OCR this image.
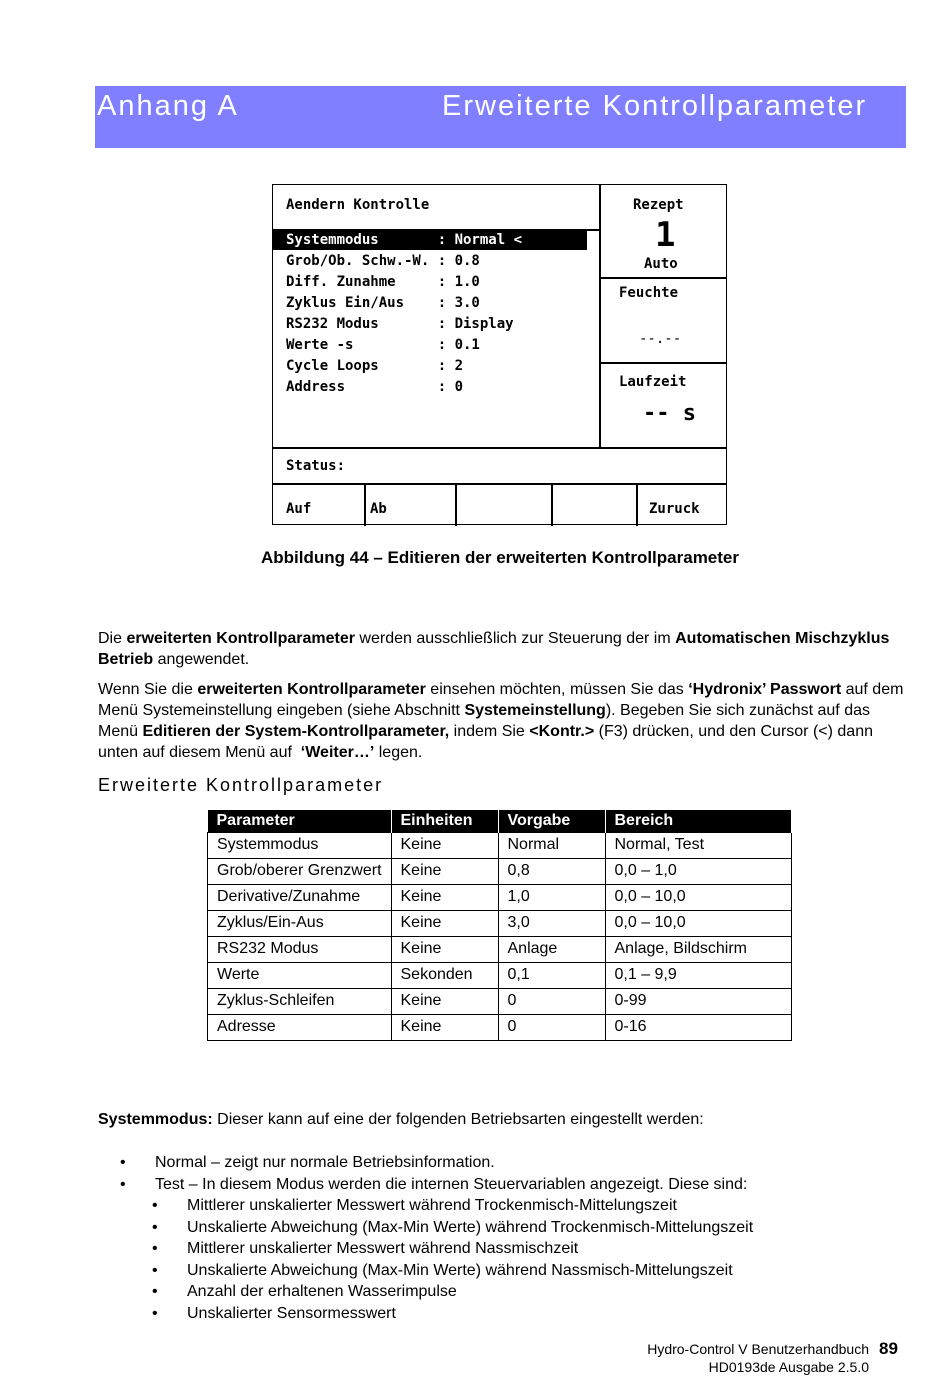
Anhang A	Erweiterte Kontrollparameter
Aendern Kontrolle
Systemmodus       : Normal <
Grob/Ob. Schw.-W. : 0.8
Diff. Zunahme     : 1.0
Zyklus Ein/Aus    : 3.0
RS232 Modus       : Display
Werte -s          : 0.1
Cycle Loops       : 2
Address           : 0
Rezept
1
Auto
Feuchte
--.--
Laufzeit
-- s
Status:
Auf	Ab	Zuruck
Abbildung 44 – Editieren der erweiterten Kontrollparameter
Die erweiterten Kontrollparameter werden ausschließlich zur Steuerung der im Automatischen Mischzyklus Betrieb angewendet.
Wenn Sie die erweiterten Kontrollparameter einsehen möchten, müssen Sie das ‘Hydronix’ Passwort auf dem Menü Systemeinstellung eingeben (siehe Abschnitt Systemeinstellung). Begeben Sie sich zunächst auf das Menü Editieren der System-Kontrollparameter, indem Sie <Kontr.> (F3) drücken, und den Cursor (<) dann unten auf diesem Menü auf  ‘Weiter…’ legen.
Erweiterte Kontrollparameter
Parameter	Einheiten	Vorgabe	Bereich
Systemmodus	Keine	Normal	Normal, Test
Grob/oberer Grenzwert	Keine	0,8	0,0 – 1,0
Derivative/Zunahme	Keine	1,0	0,0 – 10,0
Zyklus/Ein-Aus	Keine	3,0	0,0 – 10,0
RS232 Modus	Keine	Anlage	Anlage, Bildschirm
Werte	Sekonden	0,1	0,1 – 9,9
Zyklus-Schleifen	Keine	0	0-99
Adresse	Keine	0	0-16
Systemmodus: Dieser kann auf eine der folgenden Betriebsarten eingestellt werden:
• Normal – zeigt nur normale Betriebsinformation.
• Test – In diesem Modus werden die internen Steuervariablen angezeigt. Diese sind:
• Mittlerer unskalierter Messwert während Trockenmisch-Mittelungszeit
• Unskalierte Abweichung (Max-Min Werte) während Trockenmisch-Mittelungszeit
• Mittlerer unskalierter Messwert während Nassmischzeit
• Unskalierte Abweichung (Max-Min Werte) während Nassmisch-Mittelungszeit
• Anzahl der erhaltenen Wasserimpulse
• Unskalierter Sensormesswert
Hydro-Control V Benutzerhandbuch
HD0193de Ausgabe 2.5.0
89
